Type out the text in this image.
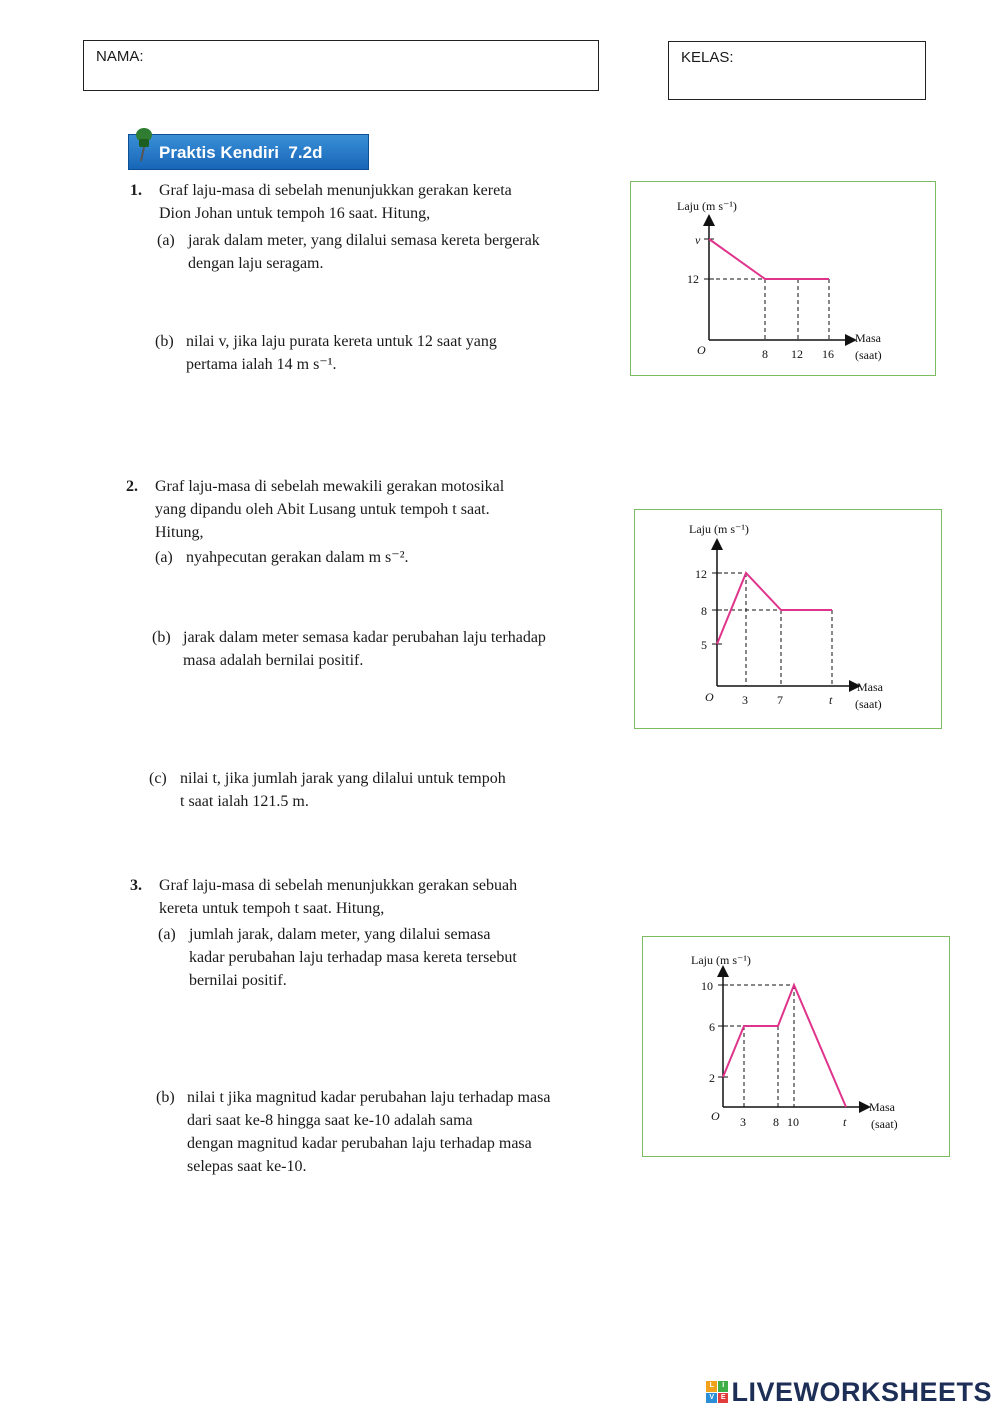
NAMA:	KELAS:
Praktis Kendiri  7.2d
1. Graf laju-masa di sebelah menunjukkan gerakan kereta
Dion Johan untuk tempoh 16 saat. Hitung,
(a) jarak dalam meter, yang dilalui semasa kereta bergerak
dengan laju seragam.
(b) nilai v, jika laju purata kereta untuk 12 saat yang
pertama ialah 14 m s⁻¹.
Laju (m s⁻¹)
v
12
O	8 12 16
Masa
(saat)
2. Graf laju-masa di sebelah mewakili gerakan motosikal
yang dipandu oleh Abit Lusang untuk tempoh t saat.
Hitung,
(a) nyahpecutan gerakan dalam m s⁻².
(b) jarak dalam meter semasa kadar perubahan laju terhadap
masa adalah bernilai positif.
(c) nilai t, jika jumlah jarak yang dilalui untuk tempoh
t saat ialah 121.5 m.
Laju (m s⁻¹)
5
8
12
O 3 7	t
Masa
(saat)
3. Graf laju-masa di sebelah menunjukkan gerakan sebuah
kereta untuk tempoh t saat. Hitung,
(a) jumlah jarak, dalam meter, yang dilalui semasa
kadar perubahan laju terhadap masa kereta tersebut
bernilai positif.
(b) nilai t jika magnitud kadar perubahan laju terhadap masa
dari saat ke-8 hingga saat ke-10 adalah sama
dengan magnitud kadar perubahan laju terhadap masa
selepas saat ke-10.
Laju (m s⁻¹)
2
6
10
O 3 8 10	t
Masa
(saat)
L	I
V E LIVEWORKSHEETS
